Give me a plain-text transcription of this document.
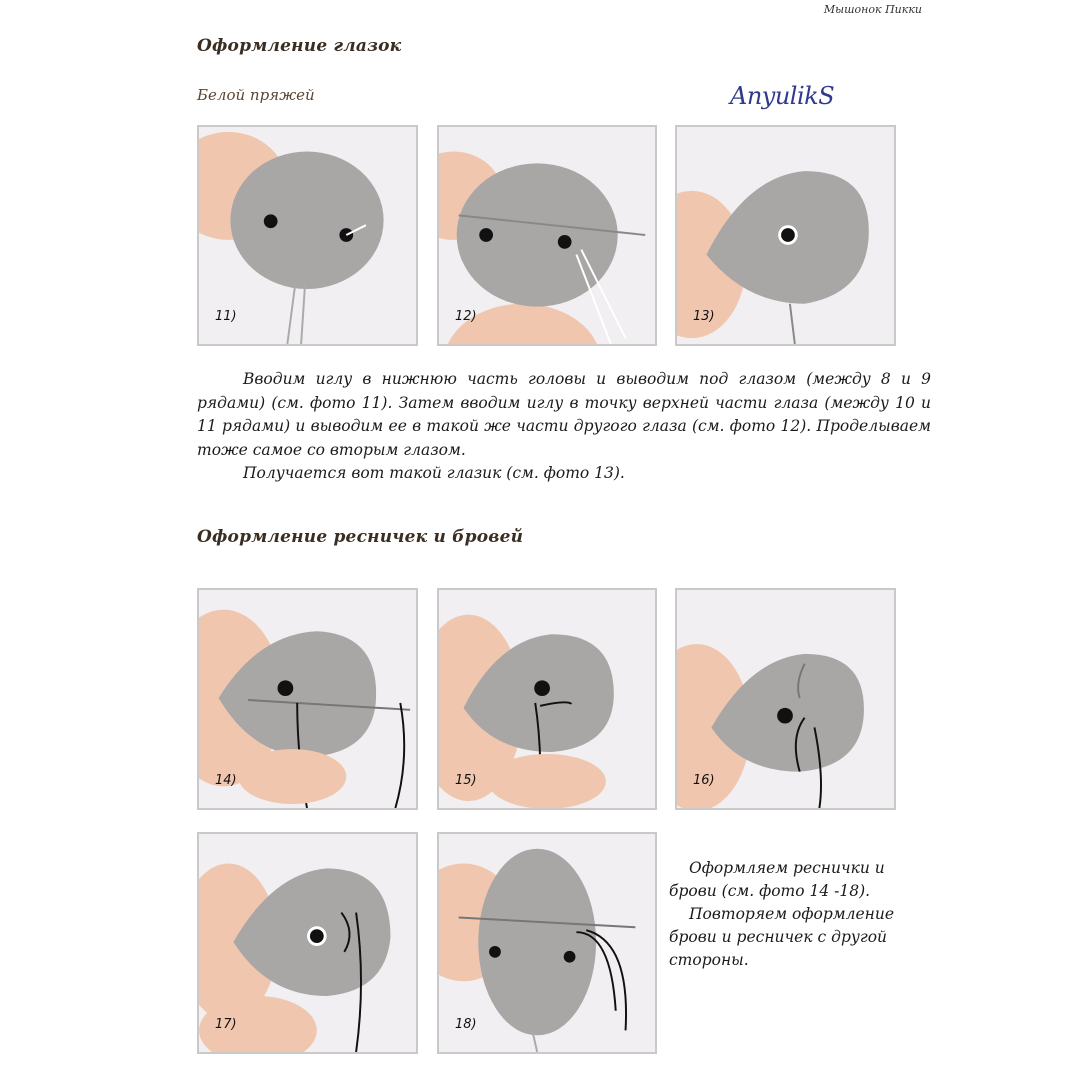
Мышонок Пикки
Оформление глазок
Белой пряжей	AnyulikS
11)	12)	13)

Вводим иглу в нижнюю часть головы и выводим под глазом (между 8 и 9 рядами) (см. фото 11). Затем вводим иглу в точку верхней части глаза (между 10 и 11 рядами) и выводим ее в такой же части другого глаза (см. фото 12). Проделываем тоже самое со вторым глазом.

Получается вот такой глазик (см. фото 13).

Оформление ресничек и бровей
14)	15)	16)
17)	18)

Оформляем реснички и брови (см. фото 14 -18).

Повторяем оформление брови и ресничек с другой стороны.
